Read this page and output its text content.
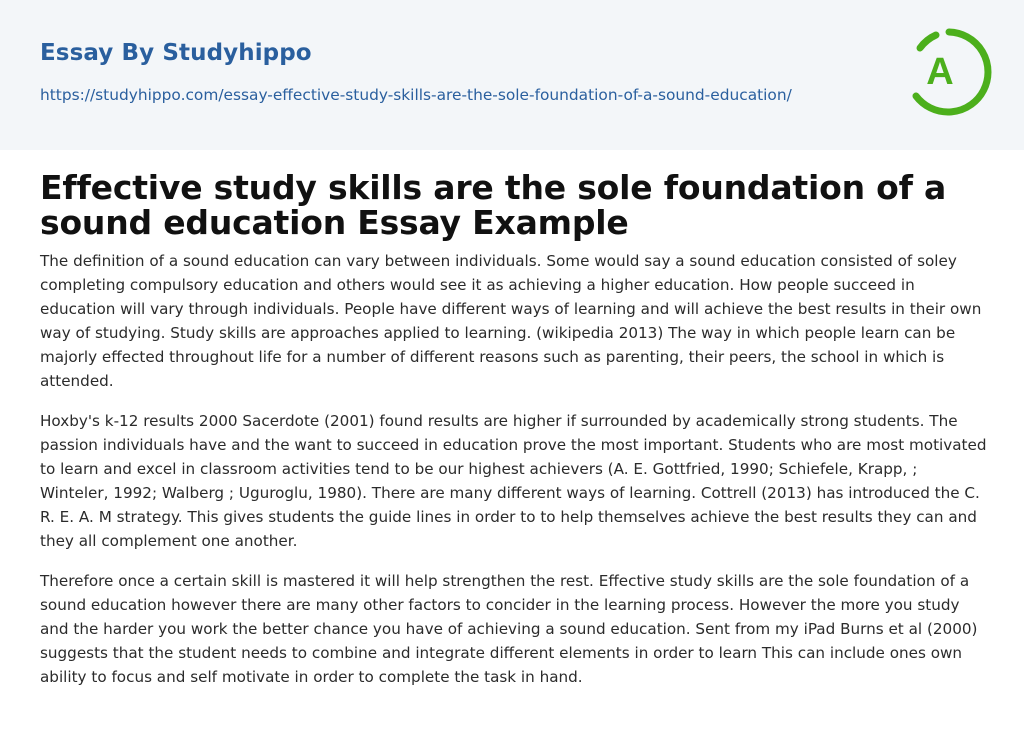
Essay By Studyhippo
https://studyhippo.com/essay-effective-study-skills-are-the-sole-foundation-of-a-sound-education/
A
Effective study skills are the sole foundation of a sound education Essay Example

The definition of a sound education can vary between individuals. Some would say a sound education consisted of soley completing compulsory education and others would see it as achieving a higher education. How people succeed in education will vary through individuals. People have different ways of learning and will achieve the best results in their own way of studying. Study skills are approaches applied to learning. (wikipedia 2013) The way in which people learn can be majorly effected throughout life for a number of different reasons such as parenting, their peers, the school in which is attended.

Hoxby's k-12 results 2000 Sacerdote (2001) found results are higher if surrounded by academically strong students. The passion individuals have and the want to succeed in education prove the most important. Students who are most motivated to learn and excel in classroom activities tend to be our highest achievers (A. E. Gottfried, 1990; Schiefele, Krapp, ; Winteler, 1992; Walberg ; Uguroglu, 1980). There are many different ways of learning. Cottrell (2013) has introduced the C. R. E. A. M strategy. This gives students the guide lines in order to to help themselves achieve the best results they can and they all complement one another.

Therefore once a certain skill is mastered it will help strengthen the rest. Effective study skills are the sole foundation of a sound education however there are many other factors to concider in the learning process. However the more you study and the harder you work the better chance you have of achieving a sound education. Sent from my iPad Burns et al (2000) suggests that the student needs to combine and integrate different elements in order to learn This can include ones own ability to focus and self motivate in order to complete the task in hand.
